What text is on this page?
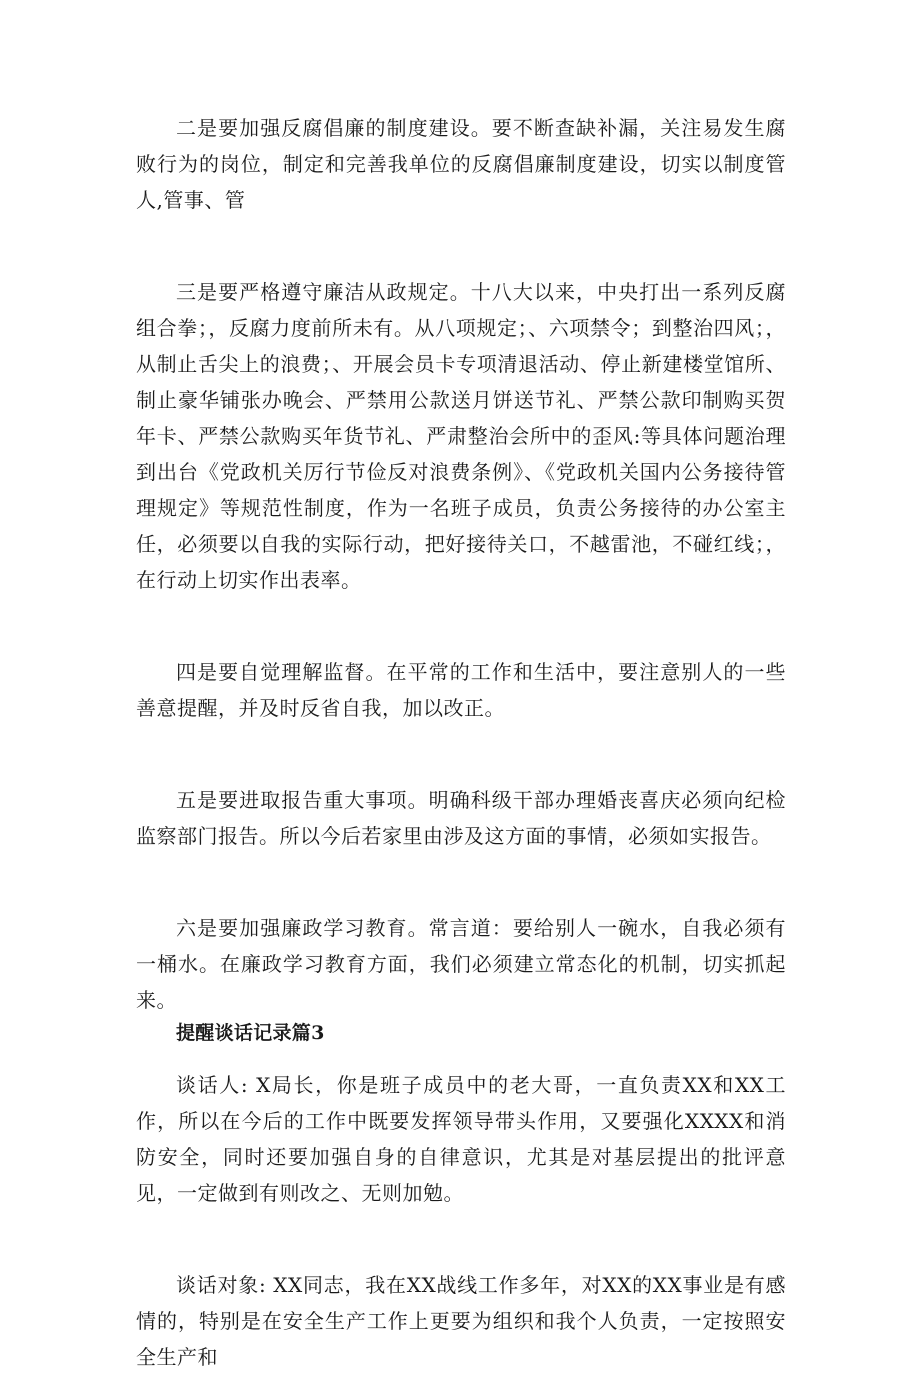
二是要加强反腐倡廉的制度建设。要不断查缺补漏，关注易发生腐败行为的岗位，制定和完善我单位的反腐倡廉制度建设，切实以制度管人,管事、管

三是要严格遵守廉洁从政规定。十八大以来，中央打出一系列反腐组合拳；，反腐力度前所未有。从八项规定；、六项禁令；到整治四风；，从制止舌尖上的浪费；、开展会员卡专项清退活动、停止新建楼堂馆所、制止豪华铺张办晚会、严禁用公款送月饼送节礼、严禁公款印制购买贺年卡、严禁公款购买年货节礼、严肃整治会所中的歪风:等具体问题治理到出台《党政机关厉行节俭反对浪费条例》、《党政机关国内公务接待管理规定》等规范性制度，作为一名班子成员，负责公务接待的办公室主任，必须要以自我的实际行动，把好接待关口，不越雷池，不碰红线；，在行动上切实作出表率。

四是要自觉理解监督。在平常的工作和生活中，要注意别人的一些善意提醒，并及时反省自我，加以改正。

五是要进取报告重大事项。明确科级干部办理婚丧喜庆必须向纪检监察部门报告。所以今后若家里由涉及这方面的事情，必须如实报告。

六是要加强廉政学习教育。常言道：要给别人一碗水，自我必须有一桶水。在廉政学习教育方面，我们必须建立常态化的机制，切实抓起来。

提醒谈话记录篇3

谈话人: X局长，你是班子成员中的老大哥，一直负责XX和XX工作，所以在今后的工作中既要发挥领导带头作用，又要强化XXXX和消防安全，同时还要加强自身的自律意识，尤其是对基层提出的批评意见，一定做到有则改之、无则加勉。

谈话对象: XX同志，我在XX战线工作多年，对XX的XX事业是有感情的，特别是在安全生产工作上更要为组织和我个人负责，一定按照安全生产和
